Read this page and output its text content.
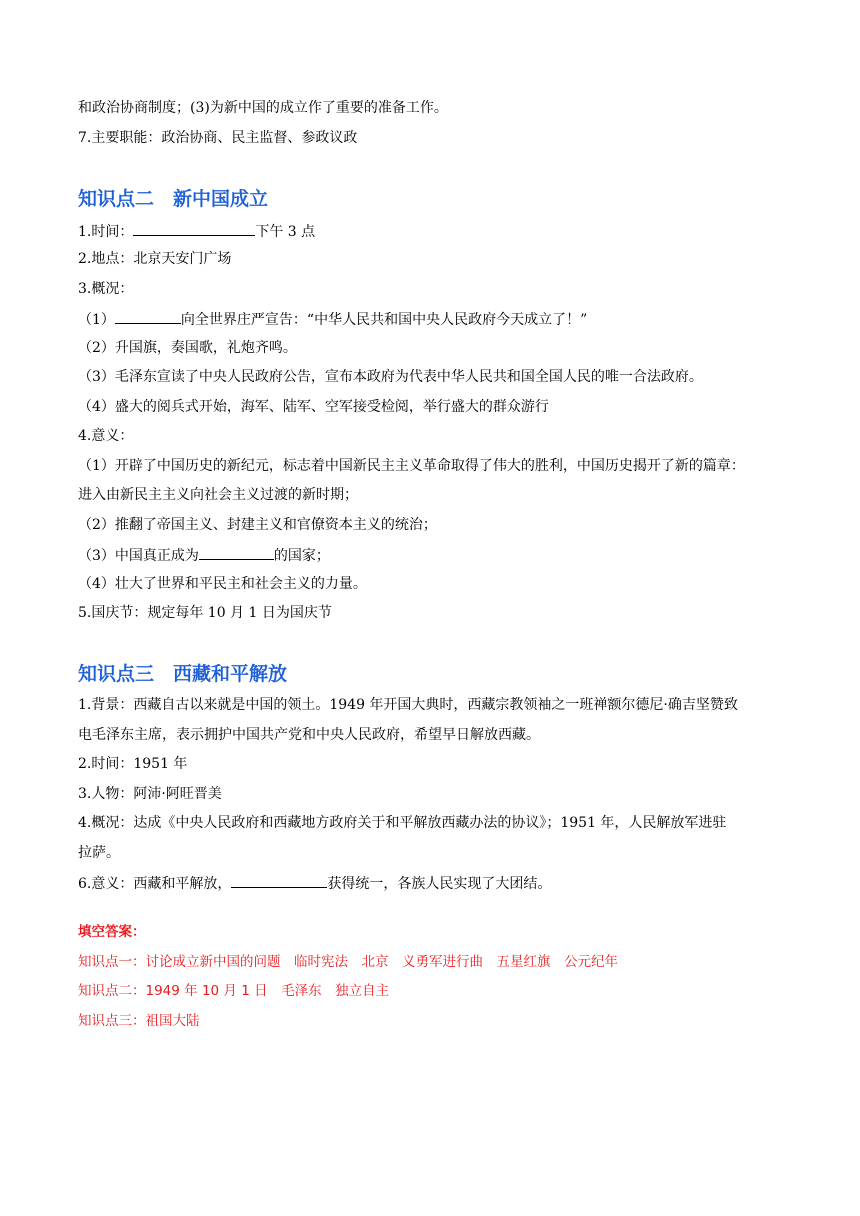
和政治协商制度；(3)为新中国的成立作了重要的准备工作。
7.主要职能：政治协商、民主监督、参政议政
知识点二　新中国成立
1.时间：	下午 3 点
2.地点：北京天安门广场
3.概况：
（1）	向全世界庄严宣告：“中华人民共和国中央人民政府今天成立了！”
（2）升国旗，奏国歌，礼炮齐鸣。
（3）毛泽东宣读了中央人民政府公告，宣布本政府为代表中华人民共和国全国人民的唯一合法政府。
（4）盛大的阅兵式开始，海军、陆军、空军接受检阅，举行盛大的群众游行
4.意义：
（1）开辟了中国历史的新纪元，标志着中国新民主主义革命取得了伟大的胜利，中国历史揭开了新的篇章：
进入由新民主主义向社会主义过渡的新时期；
（2）推翻了帝国主义、封建主义和官僚资本主义的统治；
（3）中国真正成为	的国家；
（4）壮大了世界和平民主和社会主义的力量。
5.国庆节：规定每年 10 月 1 日为国庆节
知识点三　西藏和平解放
1.背景：西藏自古以来就是中国的领土。1949 年开国大典时，西藏宗教领袖之一班禅额尔德尼·确吉坚赞致
电毛泽东主席，表示拥护中国共产党和中央人民政府，希望早日解放西藏。
2.时间：1951 年
3.人物：阿沛·阿旺晋美
4.概况：达成《中央人民政府和西藏地方政府关于和平解放西藏办法的协议》；1951 年，人民解放军进驻
拉萨。
6.意义：西藏和平解放，	获得统一，各族人民实现了大团结。
填空答案：
知识点一：讨论成立新中国的问题　临时宪法　北京　义勇军进行曲　五星红旗　公元纪年
知识点二：1949 年 10 月 1 日　毛泽东　独立自主
知识点三：祖国大陆
